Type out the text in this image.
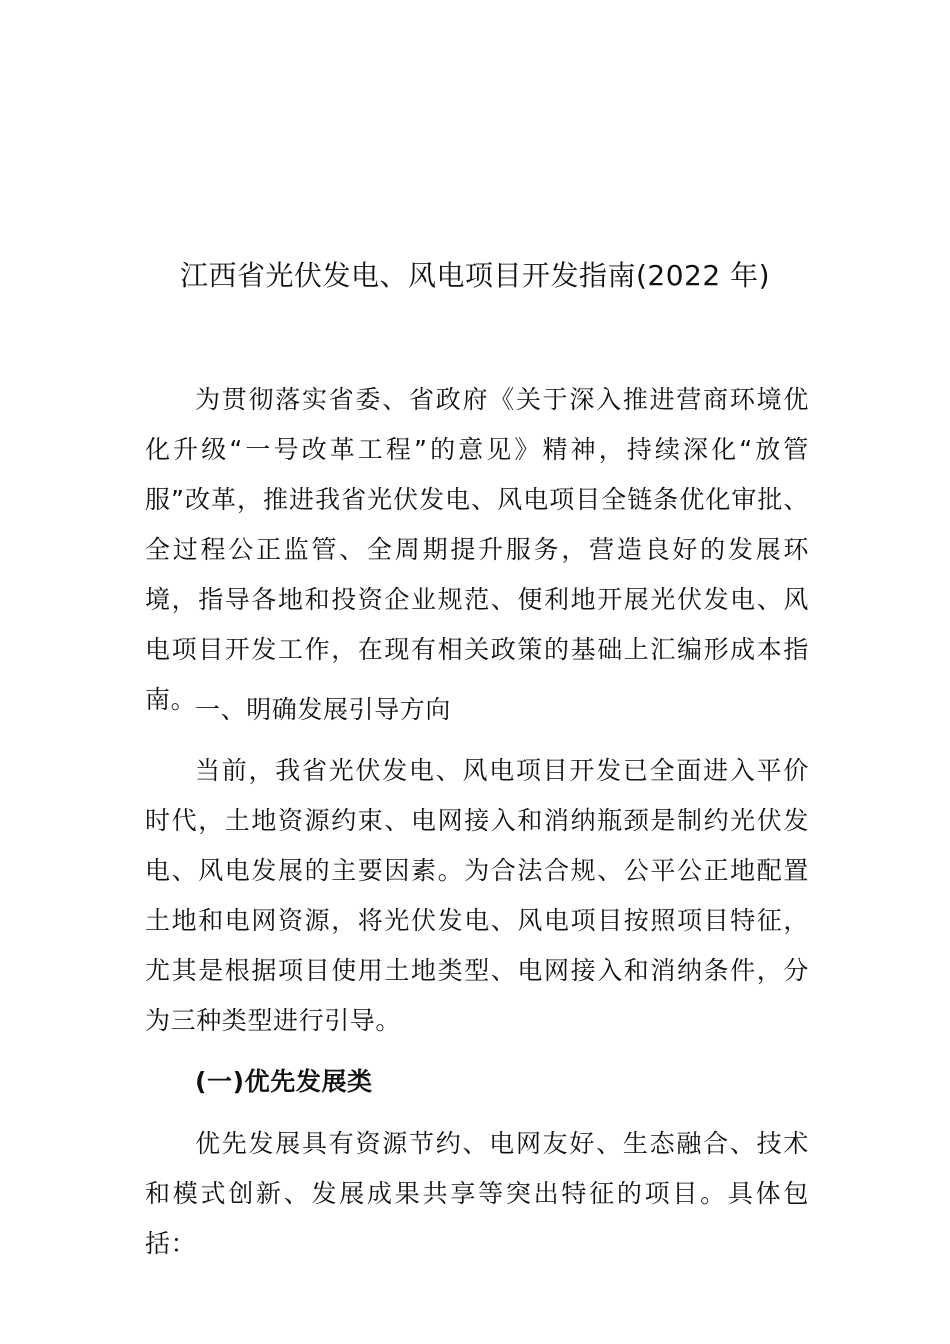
江西省光伏发电、风电项目开发指南(2022 年)

为贯彻落实省委、省政府《关于深入推进营商环境优化升级“一号改革工程”的意见》精神，持续深化“放管服”改革，推进我省光伏发电、风电项目全链条优化审批、全过程公正监管、全周期提升服务，营造良好的发展环境，指导各地和投资企业规范、便利地开展光伏发电、风电项目开发工作，在现有相关政策的基础上汇编形成本指南。

一、明确发展引导方向

当前，我省光伏发电、风电项目开发已全面进入平价时代，土地资源约束、电网接入和消纳瓶颈是制约光伏发电、风电发展的主要因素。为合法合规、公平公正地配置土地和电网资源，将光伏发电、风电项目按照项目特征，尤其是根据项目使用土地类型、电网接入和消纳条件，分为三种类型进行引导。

(一)优先发展类

优先发展具有资源节约、电网友好、生态融合、技术和模式创新、发展成果共享等突出特征的项目。具体包括：
